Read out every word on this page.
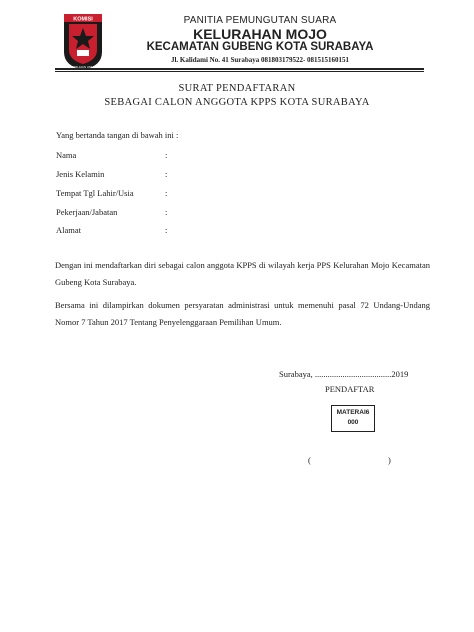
KOMISI
PEMILIHAN UMUM
PANITIA PEMUNGUTAN SUARA
KELURAHAN MOJO
KECAMATAN GUBENG KOTA SURABAYA
Jl. Kalidami No. 41 Surabaya 081803179522- 081515160151
SURAT PENDAFTARAN
SEBAGAI CALON ANGGOTA KPPS KOTA SURABAYA
Yang bertanda tangan di bawah ini :
Nama	:
Jenis Kelamin	:
Tempat Tgl Lahir/Usia	:
Pekerjaan/Jabatan	:
Alamat	:
Dengan ini mendaftarkan diri sebagai calon anggota KPPS di wilayah kerja PPS Kelurahan Mojo Kecamatan Gubeng Kota Surabaya.
Bersama ini dilampirkan dokumen persyaratan administrasi untuk memenuhi pasal 72 Undang-Undang Nomor 7 Tahun 2017 Tentang Penyelenggaraan Pemilihan Umum.
Surabaya, ....................................2019
PENDAFTAR
MATERAI6
000
(	)
